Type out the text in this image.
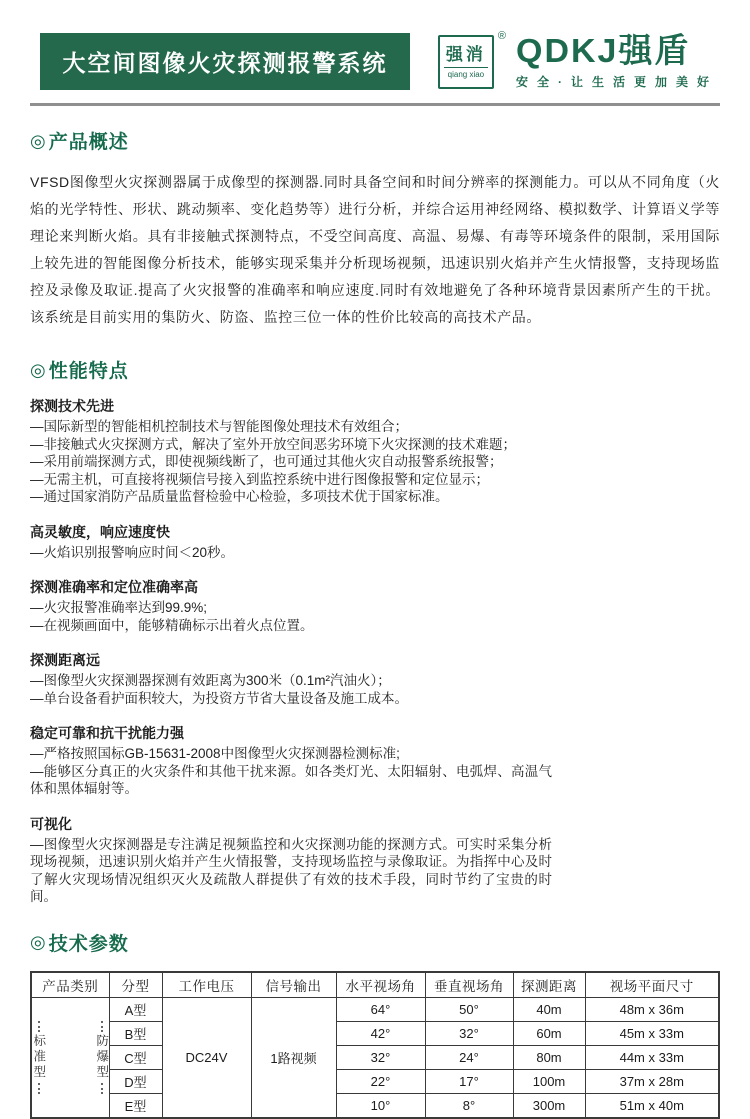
大空间图像火灾探测报警系统	强消
qiang xiao
® QDKJ强盾
安全·让生活更加美好
◎ 产品概述

VFSD图像型火灾探测器属于成像型的探测器.同时具备空间和时间分辨率的探测能力。可以从不同角度（火焰的光学特性、形状、跳动频率、变化趋势等）进行分析，并综合运用神经网络、模拟数学、计算语义学等理论来判断火焰。具有非接触式探测特点，不受空间高度、高温、易爆、有毒等环境条件的限制，采用国际上较先进的智能图像分析技术，能够实现采集并分析现场视频，迅速识别火焰并产生火情报警，支持现场监控及录像及取证.提高了火灾报警的准确率和响应速度.同时有效地避免了各种环境背景因素所产生的干扰。该系统是目前实用的集防火、防盗、监控三位一体的性价比较高的高技术产品。

◎ 性能特点
探测技术先进
—国际新型的智能相机控制技术与智能图像处理技术有效组合；
—非接触式火灾探测方式，解决了室外开放空间恶劣环境下火灾探测的技术难题；
—采用前端探测方式，即使视频线断了，也可通过其他火灾自动报警系统报警；
—无需主机，可直接将视频信号接入到监控系统中进行图像报警和定位显示；
—通过国家消防产品质量监督检验中心检验，多项技术优于国家标准。
高灵敏度，响应速度快
—火焰识别报警响应时间＜20秒。
探测准确率和定位准确率高
—火灾报警准确率达到99.9%;
—在视频画面中，能够精确标示出着火点位置。
探测距离远
—图像型火灾探测器探测有效距离为300米（0.1m²汽油火）；
—单台设备看护面积较大，为投资方节省大量设备及施工成本。
稳定可靠和抗干扰能力强
—严格按照国标GB-15631-2008中图像型火灾探测器检测标准;
—能够区分真正的火灾条件和其他干扰来源。如各类灯光、太阳辐射、电弧焊、高温气体和黑体辐射等。
可视化
—图像型火灾探测器是专注满足视频监控和火灾探测功能的探测方式。可实时采集分析现场视频，迅速识别火焰并产生火情报警，支持现场监控与录像取证。为指挥中心及时了解火灾现场情况组织灭火及疏散人群提供了有效的技术手段，同时节约了宝贵的时间。
◎ 技术参数
产品类别	分型	工作电压	信号输出	水平视场角	垂直视场角	探测距离	视场平面尺寸

标准型 防爆型	A型	DC24V	1路视频	64°	50°	40m	48m x 36m
	B型			42°	32°	60m	45m x 33m
	C型			32°	24°	80m	44m x 33m
	D型			22°	17°	100m	37m x 28m
	E型			10°	8°	300m	51m x 40m
